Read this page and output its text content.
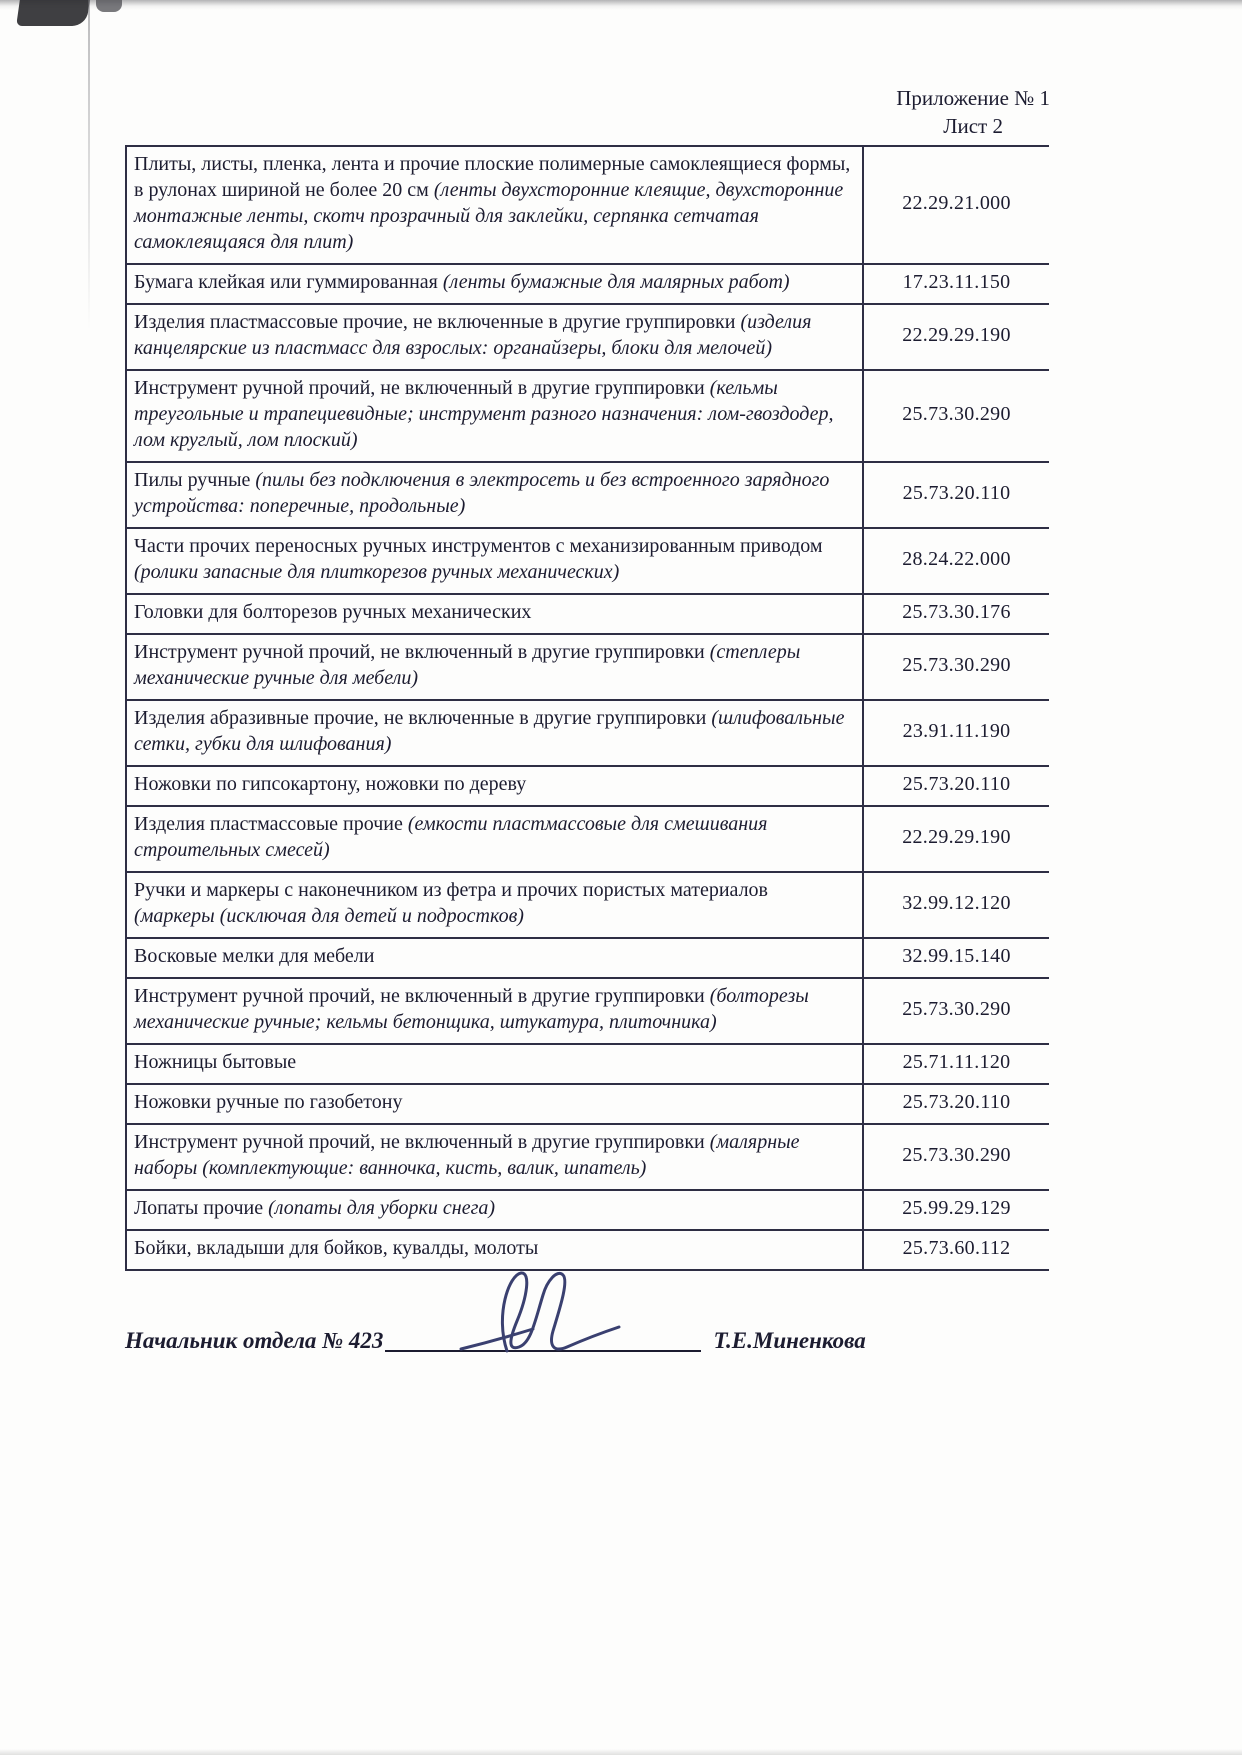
Приложение № 1
Лист 2
Плиты, листы, пленка, лента и прочие плоские полимерные самоклеящиеся формы, в рулонах шириной не более 20 см (ленты двухсторонние клеящие, двухсторонние монтажные ленты, скотч прозрачный для заклейки, серпянка сетчатая самоклеящаяся для плит)	22.29.21.000
Бумага клейкая или гуммированная (ленты бумажные для малярных работ)	17.23.11.150
Изделия пластмассовые прочие, не включенные в другие группировки (изделия канцелярские из пластмасс для взрослых: органайзеры, блоки для мелочей)	22.29.29.190
Инструмент ручной прочий, не включенный в другие группировки (кельмы треугольные и трапециевидные; инструмент разного назначения: лом-гвоздодер, лом круглый, лом плоский)	25.73.30.290
Пилы ручные (пилы без подключения в электросеть и без встроенного зарядного устройства: поперечные, продольные)	25.73.20.110
Части прочих переносных ручных инструментов с механизированным приводом (ролики запасные для плиткорезов ручных механических)	28.24.22.000
Головки для болторезов ручных механических	25.73.30.176
Инструмент ручной прочий, не включенный в другие группировки (степлеры механические ручные для мебели)	25.73.30.290
Изделия абразивные прочие, не включенные в другие группировки (шлифовальные сетки, губки для шлифования)	23.91.11.190
Ножовки по гипсокартону, ножовки по дереву	25.73.20.110
Изделия пластмассовые прочие (емкости пластмассовые для смешивания строительных смесей)	22.29.29.190
Ручки и маркеры с наконечником из фетра и прочих пористых материалов (маркеры (исключая для детей и подростков)	32.99.12.120
Восковые мелки для мебели	32.99.15.140
Инструмент ручной прочий, не включенный в другие группировки (болторезы механические ручные; кельмы бетонщика, штукатура, плиточника)	25.73.30.290
Ножницы бытовые	25.71.11.120
Ножовки ручные по газобетону	25.73.20.110
Инструмент ручной прочий, не включенный в другие группировки (малярные наборы (комплектующие: ванночка, кисть, валик, шпатель)	25.73.30.290
Лопаты прочие (лопаты для уборки снега)	25.99.29.129
Бойки, вкладыши для бойков, кувалды, молоты	25.73.60.112
Начальник отдела № 423	Т.Е.Миненкова
